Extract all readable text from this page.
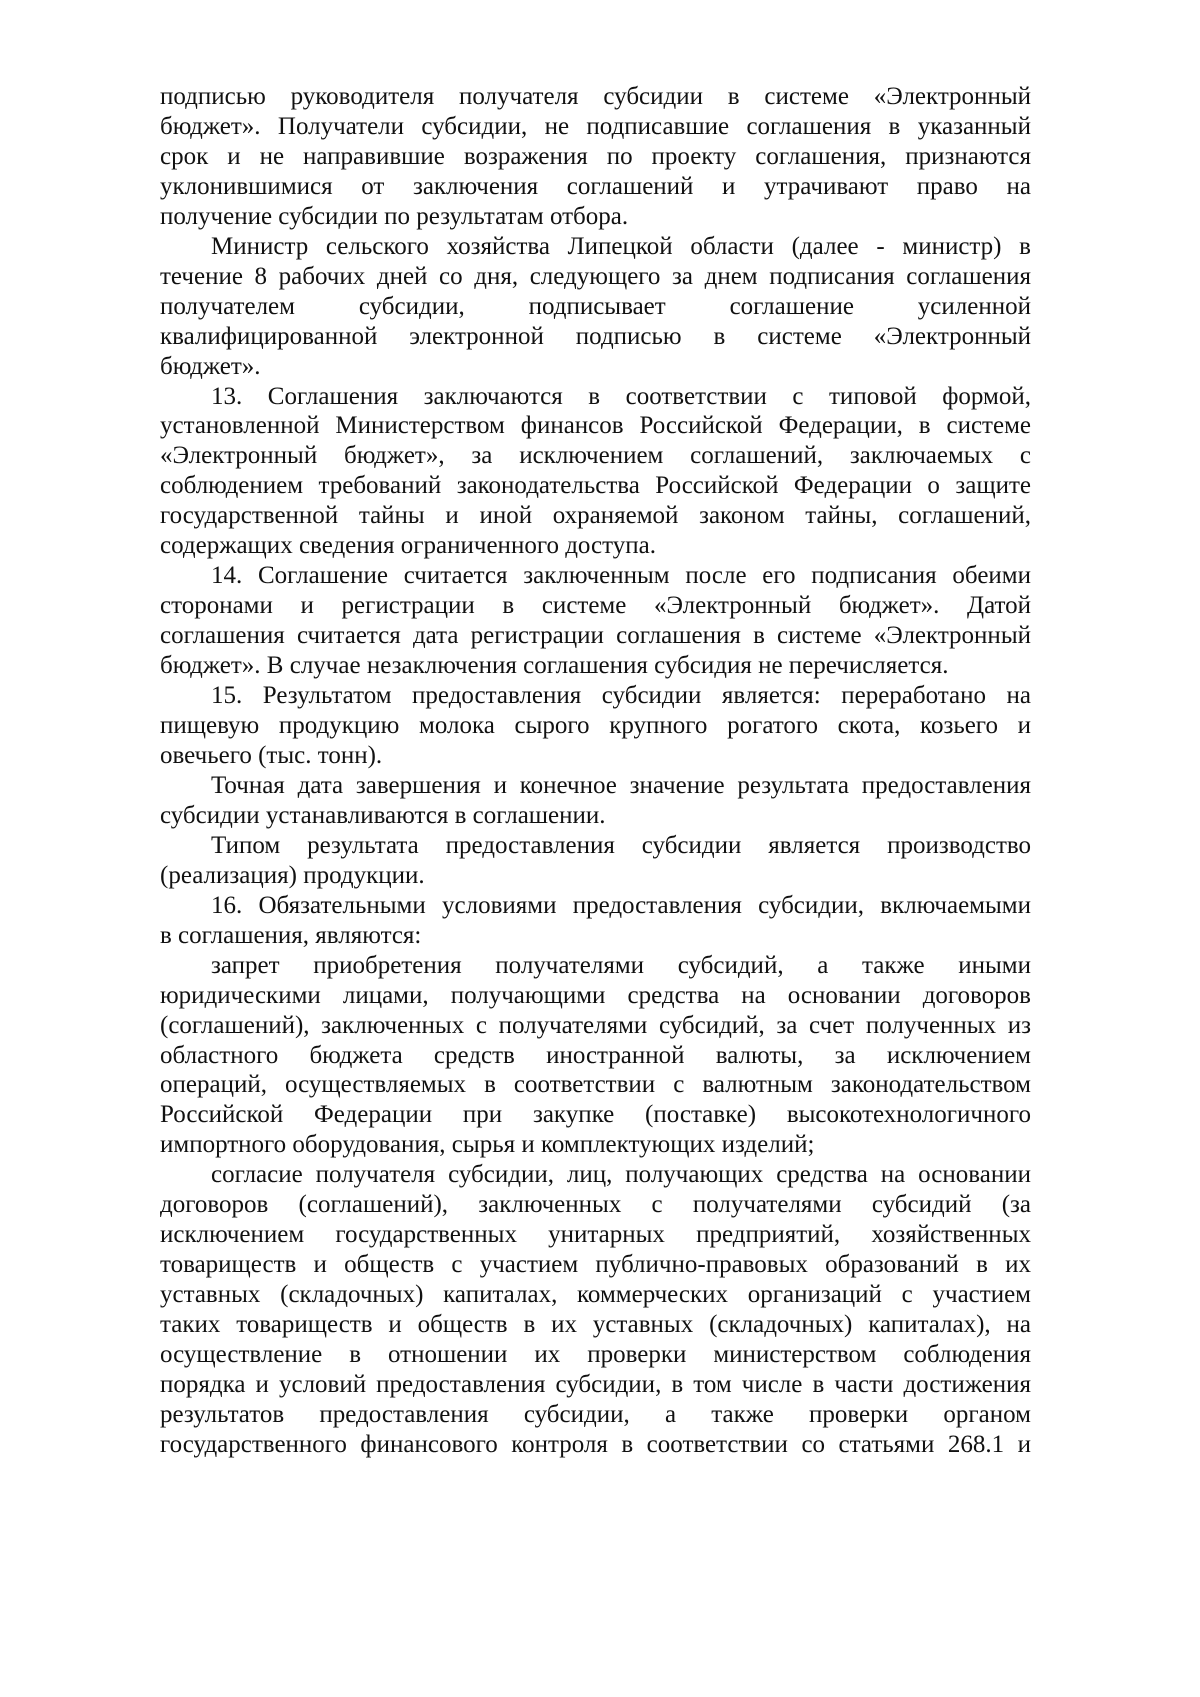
подписью руководителя получателя субсидии в системе «Электронный
бюджет». Получатели субсидии, не подписавшие соглашения в указанный
срок и не направившие возражения по проекту соглашения, признаются
уклонившимися от заключения соглашений и утрачивают право на
получение субсидии по результатам отбора.
Министр сельского хозяйства Липецкой области (далее - министр) в
течение 8 рабочих дней со дня, следующего за днем подписания соглашения
получателем субсидии, подписывает соглашение усиленной
квалифицированной электронной подписью в системе «Электронный
бюджет».
13. Соглашения заключаются в соответствии с типовой формой,
установленной Министерством финансов Российской Федерации, в системе
«Электронный бюджет», за исключением соглашений, заключаемых с
соблюдением требований законодательства Российской Федерации о защите
государственной тайны и иной охраняемой законом тайны, соглашений,
содержащих сведения ограниченного доступа.
14. Соглашение считается заключенным после его подписания обеими
сторонами и регистрации в системе «Электронный бюджет». Датой
соглашения считается дата регистрации соглашения в системе «Электронный
бюджет». В случае незаключения соглашения субсидия не перечисляется.
15. Результатом предоставления субсидии является: переработано на
пищевую продукцию молока сырого крупного рогатого скота, козьего и
овечьего (тыс. тонн).
Точная дата завершения и конечное значение результата предоставления
субсидии устанавливаются в соглашении.
Типом результата предоставления субсидии является производство
(реализация) продукции.
16. Обязательными условиями предоставления субсидии, включаемыми
в соглашения, являются:
запрет приобретения получателями субсидий, а также иными
юридическими лицами, получающими средства на основании договоров
(соглашений), заключенных с получателями субсидий, за счет полученных из
областного бюджета средств иностранной валюты, за исключением
операций, осуществляемых в соответствии с валютным законодательством
Российской Федерации при закупке (поставке) высокотехнологичного
импортного оборудования, сырья и комплектующих изделий;
согласие получателя субсидии, лиц, получающих средства на основании
договоров (соглашений), заключенных с получателями субсидий (за
исключением государственных унитарных предприятий, хозяйственных
товариществ и обществ с участием публично-правовых образований в их
уставных (складочных) капиталах, коммерческих организаций с участием
таких товариществ и обществ в их уставных (складочных) капиталах), на
осуществление в отношении их проверки министерством соблюдения
порядка и условий предоставления субсидии, в том числе в части достижения
результатов предоставления субсидии, а также проверки органом
государственного финансового контроля в соответствии со статьями 268.1 и
